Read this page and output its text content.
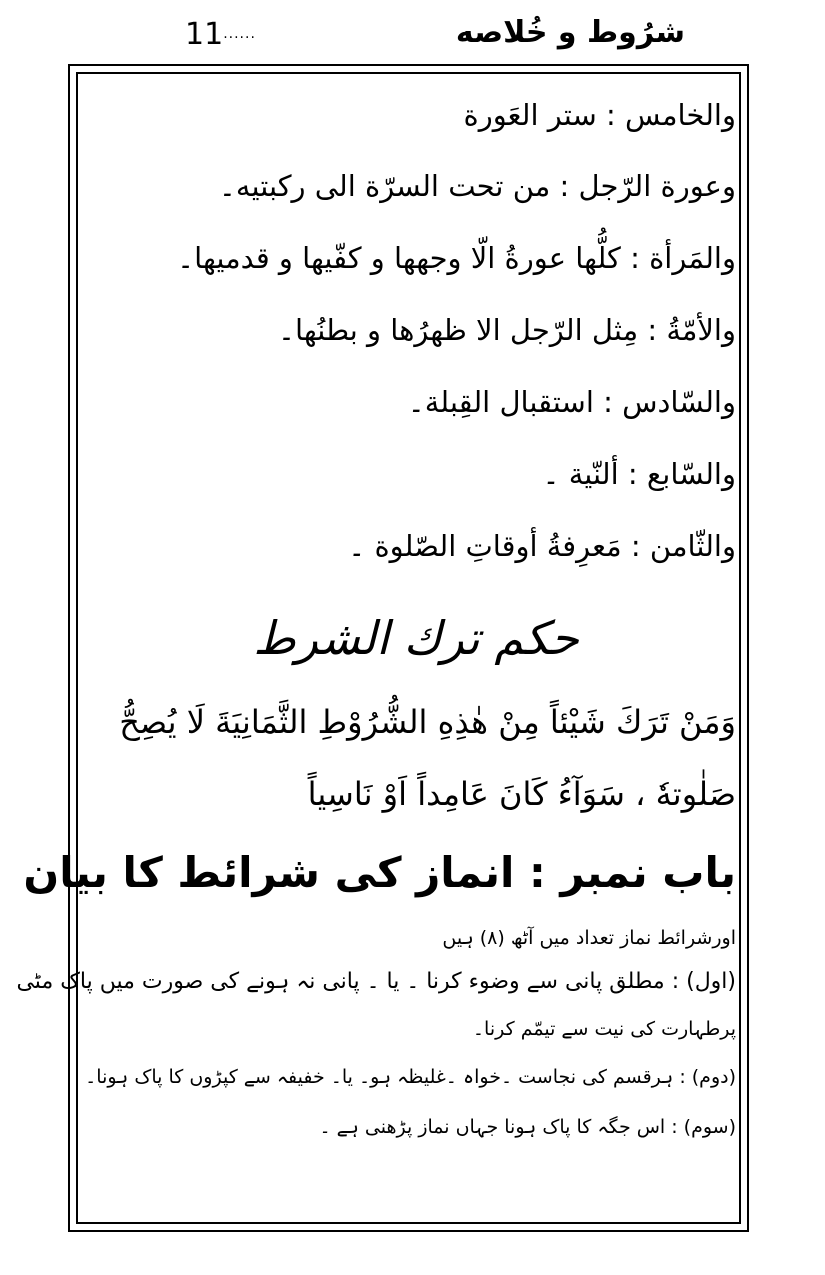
11......	شرُوط و خُلاصه
والخامس : ستر العَورة
وعورة الرّجل : من تحت السرّة الى ركبتيه۔
والمَرأة : كلُّها عورةُ الّا وجهها و كفّيها و قدميها۔
والأمّةُ : مِثل الرّجل الا ظهرُها و بطنُها۔
والسّادس : استقبال القِبلة۔
والسّابع : ألنّية ۔
والثّامن : مَعرِفةُ أوقاتِ الصّلوة ۔
حكم ترك الشرط
وَمَنْ تَرَكَ شَيْئاً مِنْ هٰذِهِ الشُّرُوْطِ الثَّمَانِيَةَ لَا يُصِحُّ
صَلٰوتهٗ ، سَوَآءُ كَانَ عَامِداً اَوْ نَاسِياً
باب نمبر : انماز کی شرائط کا بیان
اورشرائط نماز تعداد میں آٹھ (۸) ہیں
(اول) : مطلق پانی سے وضوء کرنا ۔ یا ۔ پانی نہ ہونے کی صورت میں پاک مٹی
پرطہارت کی نیت سے تیمّم کرنا۔
(دوم) : ہرقسم کی نجاست ۔خواہ ۔غلیظہ ہو۔ یا۔ خفیفہ سے کپڑوں کا پاک ہونا۔
(سوم) : اس جگہ کا پاک ہونا جہاں نماز پڑھنی ہے ۔
